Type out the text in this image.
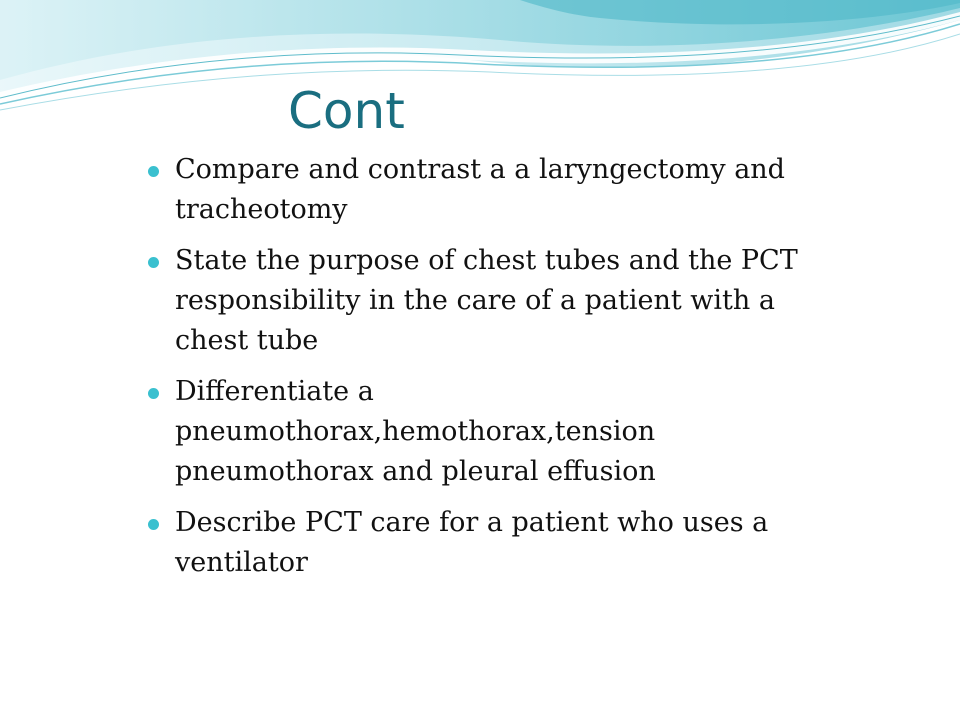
Cont
Compare and contrast a a laryngectomy and tracheotomy
State the purpose of chest tubes and the PCT responsibility in the care of a patient with a chest tube
Differentiate a pneumothorax,hemothorax,tension pneumothorax and pleural effusion
Describe PCT care for a patient who uses a ventilator
